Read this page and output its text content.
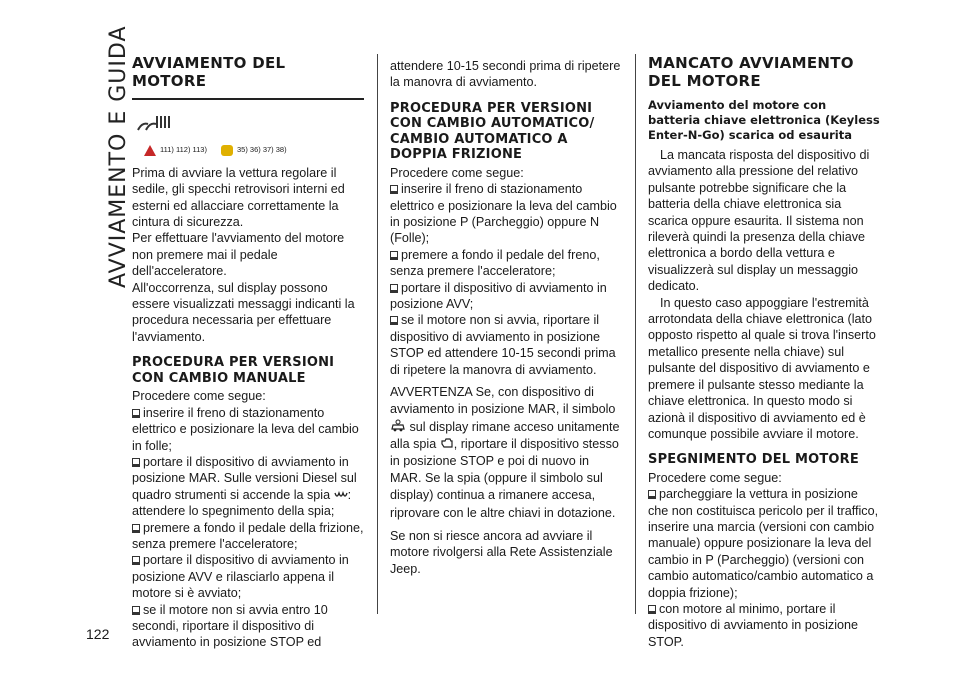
AVVIAMENTO E GUIDA
122
AVVIAMENTO DEL MOTORE
111) 112) 113)	35) 36) 37) 38)

Prima di avviare la vettura regolare il sedile, gli specchi retrovisori interni ed esterni ed allacciare correttamente la cintura di sicurezza.

Per effettuare l'avviamento del motore non premere mai il pedale dell'acceleratore.

All'occorrenza, sul display possono essere visualizzati messaggi indicanti la procedura necessaria per effettuare l'avviamento.

PROCEDURA PER VERSIONI CON CAMBIO MANUALE

Procedere come segue:

inserire il freno di stazionamento elettrico e posizionare la leva del cambio in folle;
portare il dispositivo di avviamento in posizione MAR. Sulle versioni Diesel sul quadro strumenti si accende la spia :
attendere lo spegnimento della spia;
premere a fondo il pedale della frizione, senza premere l'acceleratore;
portare il dispositivo di avviamento in posizione AVV e rilasciarlo appena il motore si è avviato;
se il motore non si avvia entro 10 secondi, riportare il dispositivo di avviamento in posizione STOP ed

attendere 10-15 secondi prima di ripetere la manovra di avviamento.

PROCEDURA PER VERSIONI CON CAMBIO AUTOMATICO/ CAMBIO AUTOMATICO A DOPPIA FRIZIONE

Procedere come segue:

inserire il freno di stazionamento elettrico e posizionare la leva del cambio in posizione P (Parcheggio) oppure N (Folle);
premere a fondo il pedale del freno, senza premere l'acceleratore;
portare il dispositivo di avviamento in posizione AVV;
se il motore non si avvia, riportare il dispositivo di avviamento in posizione STOP ed attendere 10-15 secondi prima di ripetere la manovra di avviamento.

AVVERTENZA Se, con dispositivo di avviamento in posizione MAR, il simbolo  sul display rimane acceso unitamente alla spia , riportare il dispositivo stesso in posizione STOP e poi di nuovo in MAR. Se la spia (oppure il simbolo sul display) continua a rimanere accesa, riprovare con le altre chiavi in dotazione.

Se non si riesce ancora ad avviare il motore rivolgersi alla Rete Assistenziale Jeep.

MANCATO AVVIAMENTO DEL MOTORE
Avviamento del motore con batteria chiave elettronica (Keyless Enter-N-Go) scarica od esaurita

La mancata risposta del dispositivo di avviamento alla pressione del relativo pulsante potrebbe significare che la batteria della chiave elettronica sia scarica oppure esaurita. Il sistema non rileverà quindi la presenza della chiave elettronica a bordo della vettura e visualizzerà sul display un messaggio dedicato.

In questo caso appoggiare l'estremità arrotondata della chiave elettronica (lato opposto rispetto al quale si trova l'inserto metallico presente nella chiave) sul pulsante del dispositivo di avviamento e premere il pulsante stesso mediante la chiave elettronica. In questo modo si azionà il dispositivo di avviamento ed è comunque possibile avviare il motore.

SPEGNIMENTO DEL MOTORE

Procedere come segue:

parcheggiare la vettura in posizione che non costituisca pericolo per il traffico, inserire una marcia (versioni con cambio manuale) oppure posizionare la leva del cambio in P (Parcheggio) (versioni con cambio automatico/cambio automatico a doppia frizione);
con motore al minimo, portare il dispositivo di avviamento in posizione STOP.
